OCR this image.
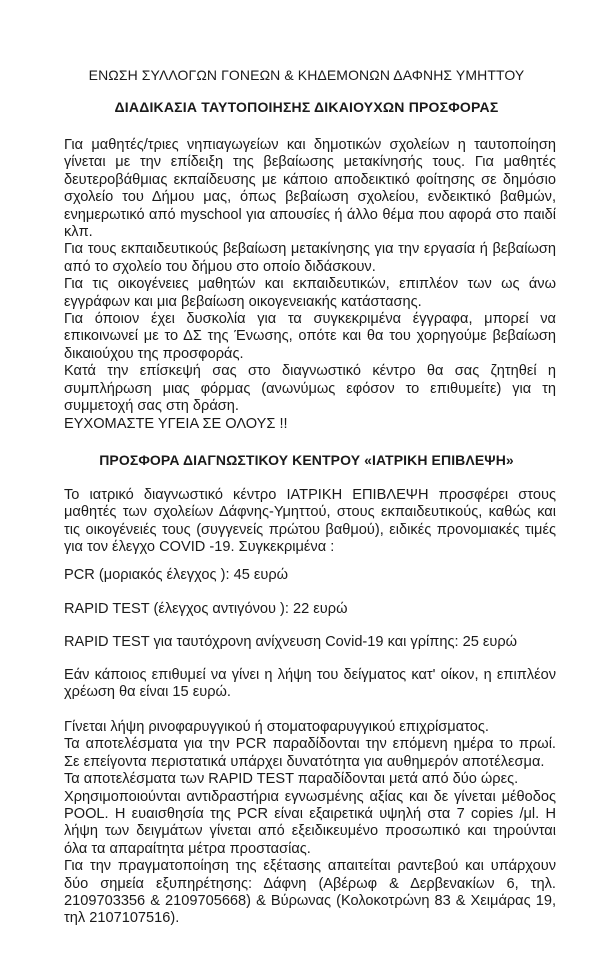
ΕΝΩΣΗ ΣΥΛΛΟΓΩΝ ΓΟΝΕΩΝ & ΚΗΔΕΜΟΝΩΝ ΔΑΦΝΗΣ ΥΜΗΤΤΟΥ
ΔΙΑΔΙΚΑΣΙΑ ΤΑΥΤΟΠΟΙΗΣΗΣ ΔΙΚΑΙΟΥΧΩΝ ΠΡΟΣΦΟΡΑΣ

Για μαθητές/τριες νηπιαγωγείων και δημοτικών σχολείων η ταυτοποίηση γίνεται με την επίδειξη της βεβαίωσης μετακίνησής τους. Για μαθητές δευτεροβάθμιας εκπαίδευσης με κάποιο αποδεικτικό φοίτησης σε δημόσιο σχολείο του Δήμου μας, όπως βεβαίωση σχολείου, ενδεικτικό βαθμών, ενημερωτικό από myschool για απουσίες ή άλλο θέμα που αφορά στο παιδί κλπ.

Για τους εκπαιδευτικούς βεβαίωση μετακίνησης για την εργασία ή βεβαίωση από το σχολείο του δήμου στο οποίο διδάσκουν.

Για τις οικογένειες μαθητών και εκπαιδευτικών, επιπλέον των ως άνω εγγράφων και μια βεβαίωση οικογενειακής κατάστασης.

Για όποιον έχει δυσκολία για τα συγκεκριμένα έγγραφα, μπορεί να επικοινωνεί με το ΔΣ της Ένωσης, οπότε και θα του χορηγούμε βεβαίωση δικαιούχου της προσφοράς.

Κατά την επίσκεψή σας στο διαγνωστικό κέντρο θα σας ζητηθεί η συμπλήρωση μιας φόρμας (ανωνύμως εφόσον το επιθυμείτε) για τη συμμετοχή σας στη δράση.

ΕΥΧΟΜΑΣΤΕ ΥΓΕΙΑ ΣΕ ΟΛΟΥΣ !!

ΠΡΟΣΦΟΡΑ ΔΙΑΓΝΩΣΤΙΚΟΥ ΚΕΝΤΡΟΥ «ΙΑΤΡΙΚΗ ΕΠΙΒΛΕΨΗ»

Το ιατρικό διαγνωστικό κέντρο ΙΑΤΡΙΚΗ ΕΠΙΒΛΕΨΗ προσφέρει στους μαθητές των σχολείων Δάφνης-Υμηττού, στους εκπαιδευτικούς, καθώς και τις οικογένειές τους (συγγενείς πρώτου βαθμού), ειδικές προνομιακές τιμές για τον έλεγχο COVID -19. Συγκεκριμένα :

PCR (μοριακός έλεγχος ): 45 ευρώ
RAPID TEST (έλεγχος αντιγόνου ): 22 ευρώ
RAPID TEST για ταυτόχρονη ανίχνευση Covid-19 και γρίπης: 25 ευρώ

Εάν κάποιος επιθυμεί να γίνει η λήψη του δείγματος κατ' οίκον, η επιπλέον χρέωση θα είναι 15 ευρώ.

Γίνεται λήψη ρινοφαρυγγικού ή στοματοφαρυγγικού επιχρίσματος.

Τα αποτελέσματα για την PCR παραδίδονται την επόμενη ημέρα το πρωί. Σε επείγοντα περιστατικά υπάρχει δυνατότητα για αυθημερόν αποτέλεσμα.

Τα αποτελέσματα των RAPID TEST παραδίδονται μετά από δύο ώρες.

Χρησιμοποιούνται αντιδραστήρια εγνωσμένης αξίας και δε γίνεται μέθοδος POOL. Η ευαισθησία της PCR είναι εξαιρετικά υψηλή στα 7 copies /μl. Η λήψη των δειγμάτων γίνεται από εξειδικευμένο προσωπικό και τηρούνται όλα τα απαραίτητα μέτρα προστασίας.

Για την πραγματοποίηση της εξέτασης απαιτείται ραντεβού και υπάρχουν δύο σημεία εξυπηρέτησης: Δάφνη (Αβέρωφ & Δερβενακίων 6, τηλ. 2109703356 & 2109705668) & Βύρωνας (Κολοκοτρώνη 83 & Χειμάρας 19, τηλ 2107107516).
